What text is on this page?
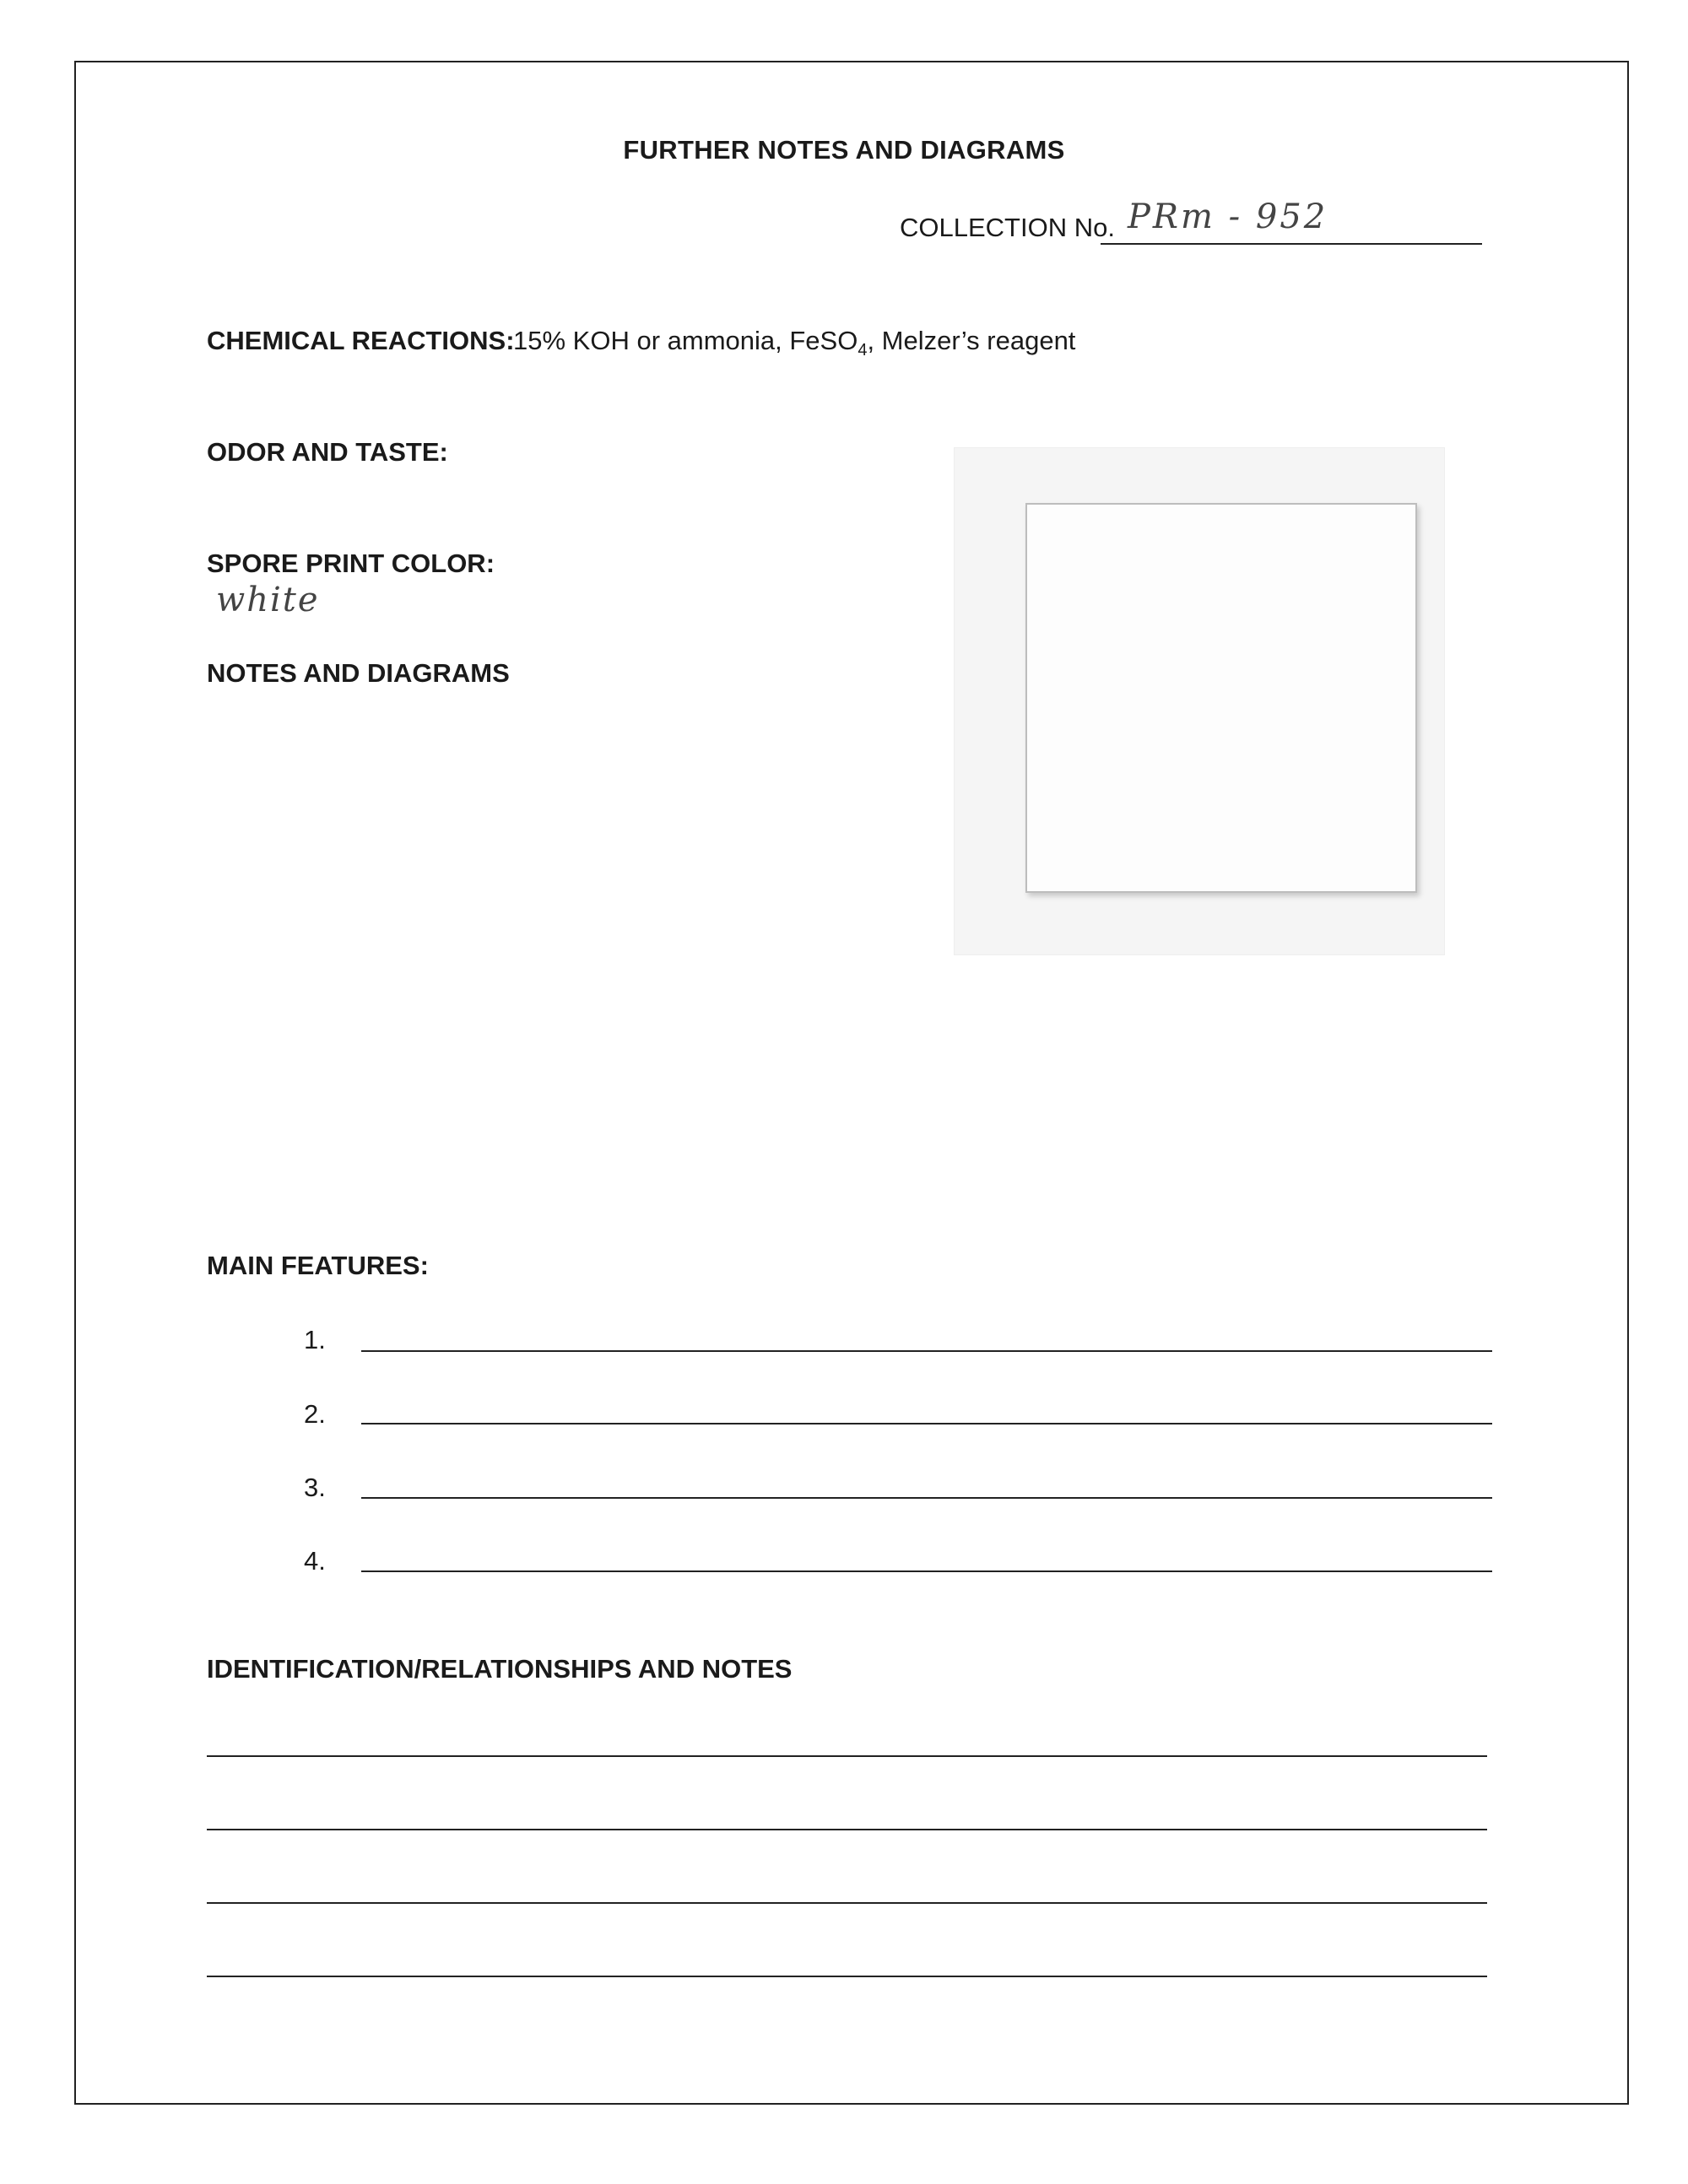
FURTHER NOTES AND DIAGRAMS
COLLECTION No. PRm - 952
CHEMICAL REACTIONS:
15% KOH or ammonia, FeSO$_4$, Melzer’s reagent
ODOR AND TASTE:
SPORE PRINT COLOR:
white
NOTES AND DIAGRAMS
MAIN FEATURES:
1.
2.
3.
4.
IDENTIFICATION/RELATIONSHIPS AND NOTES
